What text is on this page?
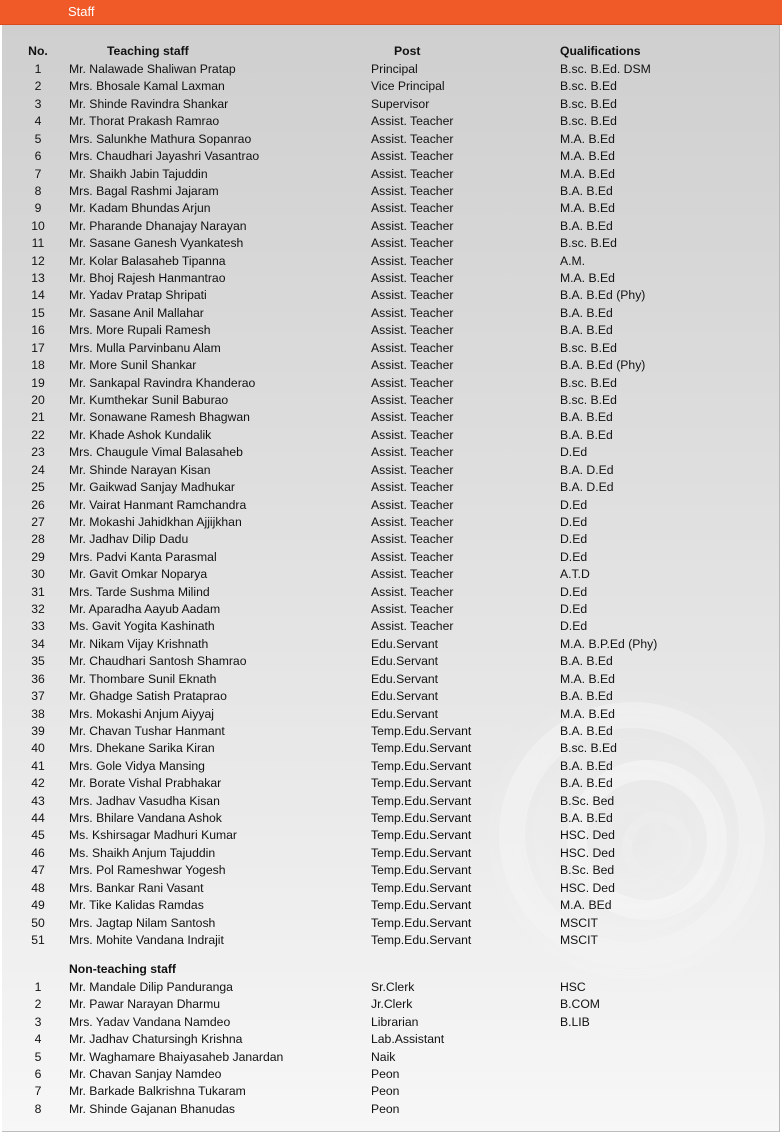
Staff
No.	Teaching staff	Post	Qualifications
1	Mr. Nalawade Shaliwan Pratap	Principal	B.sc. B.Ed. DSM
2	Mrs. Bhosale Kamal Laxman	Vice Principal	B.sc. B.Ed
3	Mr. Shinde Ravindra Shankar	Supervisor	B.sc. B.Ed
4	Mr. Thorat Prakash Ramrao	Assist. Teacher	B.sc. B.Ed
5	Mrs. Salunkhe Mathura Sopanrao	Assist. Teacher	M.A. B.Ed
6	Mrs. Chaudhari Jayashri Vasantrao	Assist. Teacher	M.A. B.Ed
7	Mr. Shaikh Jabin Tajuddin	Assist. Teacher	M.A. B.Ed
8	Mrs. Bagal Rashmi Jajaram	Assist. Teacher	B.A. B.Ed
9	Mr. Kadam Bhundas Arjun	Assist. Teacher	M.A. B.Ed
10	Mr. Pharande Dhanajay Narayan	Assist. Teacher	B.A. B.Ed
11	Mr. Sasane Ganesh Vyankatesh	Assist. Teacher	B.sc. B.Ed
12	Mr. Kolar Balasaheb Tipanna	Assist. Teacher	A.M.
13	Mr. Bhoj Rajesh Hanmantrao	Assist. Teacher	M.A. B.Ed
14	Mr. Yadav Pratap Shripati	Assist. Teacher	B.A. B.Ed (Phy)
15	Mr. Sasane Anil Mallahar	Assist. Teacher	B.A. B.Ed
16	Mrs. More Rupali Ramesh	Assist. Teacher	B.A. B.Ed
17	Mrs. Mulla Parvinbanu Alam	Assist. Teacher	B.sc. B.Ed
18	Mr. More Sunil Shankar	Assist. Teacher	B.A. B.Ed (Phy)
19	Mr. Sankapal Ravindra Khanderao	Assist. Teacher	B.sc. B.Ed
20	Mr. Kumthekar Sunil Baburao	Assist. Teacher	B.sc. B.Ed
21	Mr. Sonawane Ramesh Bhagwan	Assist. Teacher	B.A. B.Ed
22	Mr. Khade Ashok Kundalik	Assist. Teacher	B.A. B.Ed
23	Mrs. Chaugule Vimal Balasaheb	Assist. Teacher	D.Ed
24	Mr. Shinde Narayan Kisan	Assist. Teacher	B.A. D.Ed
25	Mr. Gaikwad Sanjay Madhukar	Assist. Teacher	B.A. D.Ed
26	Mr. Vairat Hanmant Ramchandra	Assist. Teacher	D.Ed
27	Mr. Mokashi Jahidkhan Ajjijkhan	Assist. Teacher	D.Ed
28	Mr. Jadhav Dilip Dadu	Assist. Teacher	D.Ed
29	Mrs. Padvi Kanta Parasmal	Assist. Teacher	D.Ed
30	Mr. Gavit Omkar Noparya	Assist. Teacher	A.T.D
31	Mrs. Tarde Sushma Milind	Assist. Teacher	D.Ed
32	Mr. Aparadha Aayub Aadam	Assist. Teacher	D.Ed
33	Ms. Gavit Yogita Kashinath	Assist. Teacher	D.Ed
34	Mr. Nikam Vijay Krishnath	Edu.Servant	M.A. B.P.Ed (Phy)
35	Mr. Chaudhari Santosh Shamrao	Edu.Servant	B.A. B.Ed
36	Mr. Thombare Sunil Eknath	Edu.Servant	M.A. B.Ed
37	Mr. Ghadge Satish Prataprao	Edu.Servant	B.A. B.Ed
38	Mrs. Mokashi Anjum Aiyyaj	Edu.Servant	M.A. B.Ed
39	Mr. Chavan Tushar Hanmant	Temp.Edu.Servant	B.A. B.Ed
40	Mrs. Dhekane Sarika Kiran	Temp.Edu.Servant	B.sc. B.Ed
41	Mrs. Gole Vidya Mansing	Temp.Edu.Servant	B.A. B.Ed
42	Mr. Borate Vishal Prabhakar	Temp.Edu.Servant	B.A. B.Ed
43	Mrs. Jadhav Vasudha Kisan	Temp.Edu.Servant	B.Sc. Bed
44	Mrs. Bhilare Vandana Ashok	Temp.Edu.Servant	B.A. B.Ed
45	Ms. Kshirsagar Madhuri Kumar	Temp.Edu.Servant	HSC. Ded
46	Ms. Shaikh Anjum Tajuddin	Temp.Edu.Servant	HSC. Ded
47	Mrs. Pol Rameshwar Yogesh	Temp.Edu.Servant	B.Sc. Bed
48	Mrs. Bankar Rani Vasant	Temp.Edu.Servant	HSC. Ded
49	Mr. Tike Kalidas Ramdas	Temp.Edu.Servant	M.A. BEd
50	Mrs. Jagtap Nilam Santosh	Temp.Edu.Servant	MSCIT
51	Mrs. Mohite Vandana Indrajit	Temp.Edu.Servant	MSCIT
Non-teaching staff
1	Mr. Mandale Dilip Panduranga	Sr.Clerk	HSC
2	Mr. Pawar Narayan Dharmu	Jr.Clerk	B.COM
3	Mrs. Yadav Vandana Namdeo	Librarian	B.LIB
4	Mr. Jadhav Chatursingh Krishna	Lab.Assistant
5	Mr. Waghamare Bhaiyasaheb Janardan	Naik
6	Mr. Chavan Sanjay Namdeo	Peon
7	Mr. Barkade Balkrishna Tukaram	Peon
8	Mr. Shinde Gajanan Bhanudas	Peon
